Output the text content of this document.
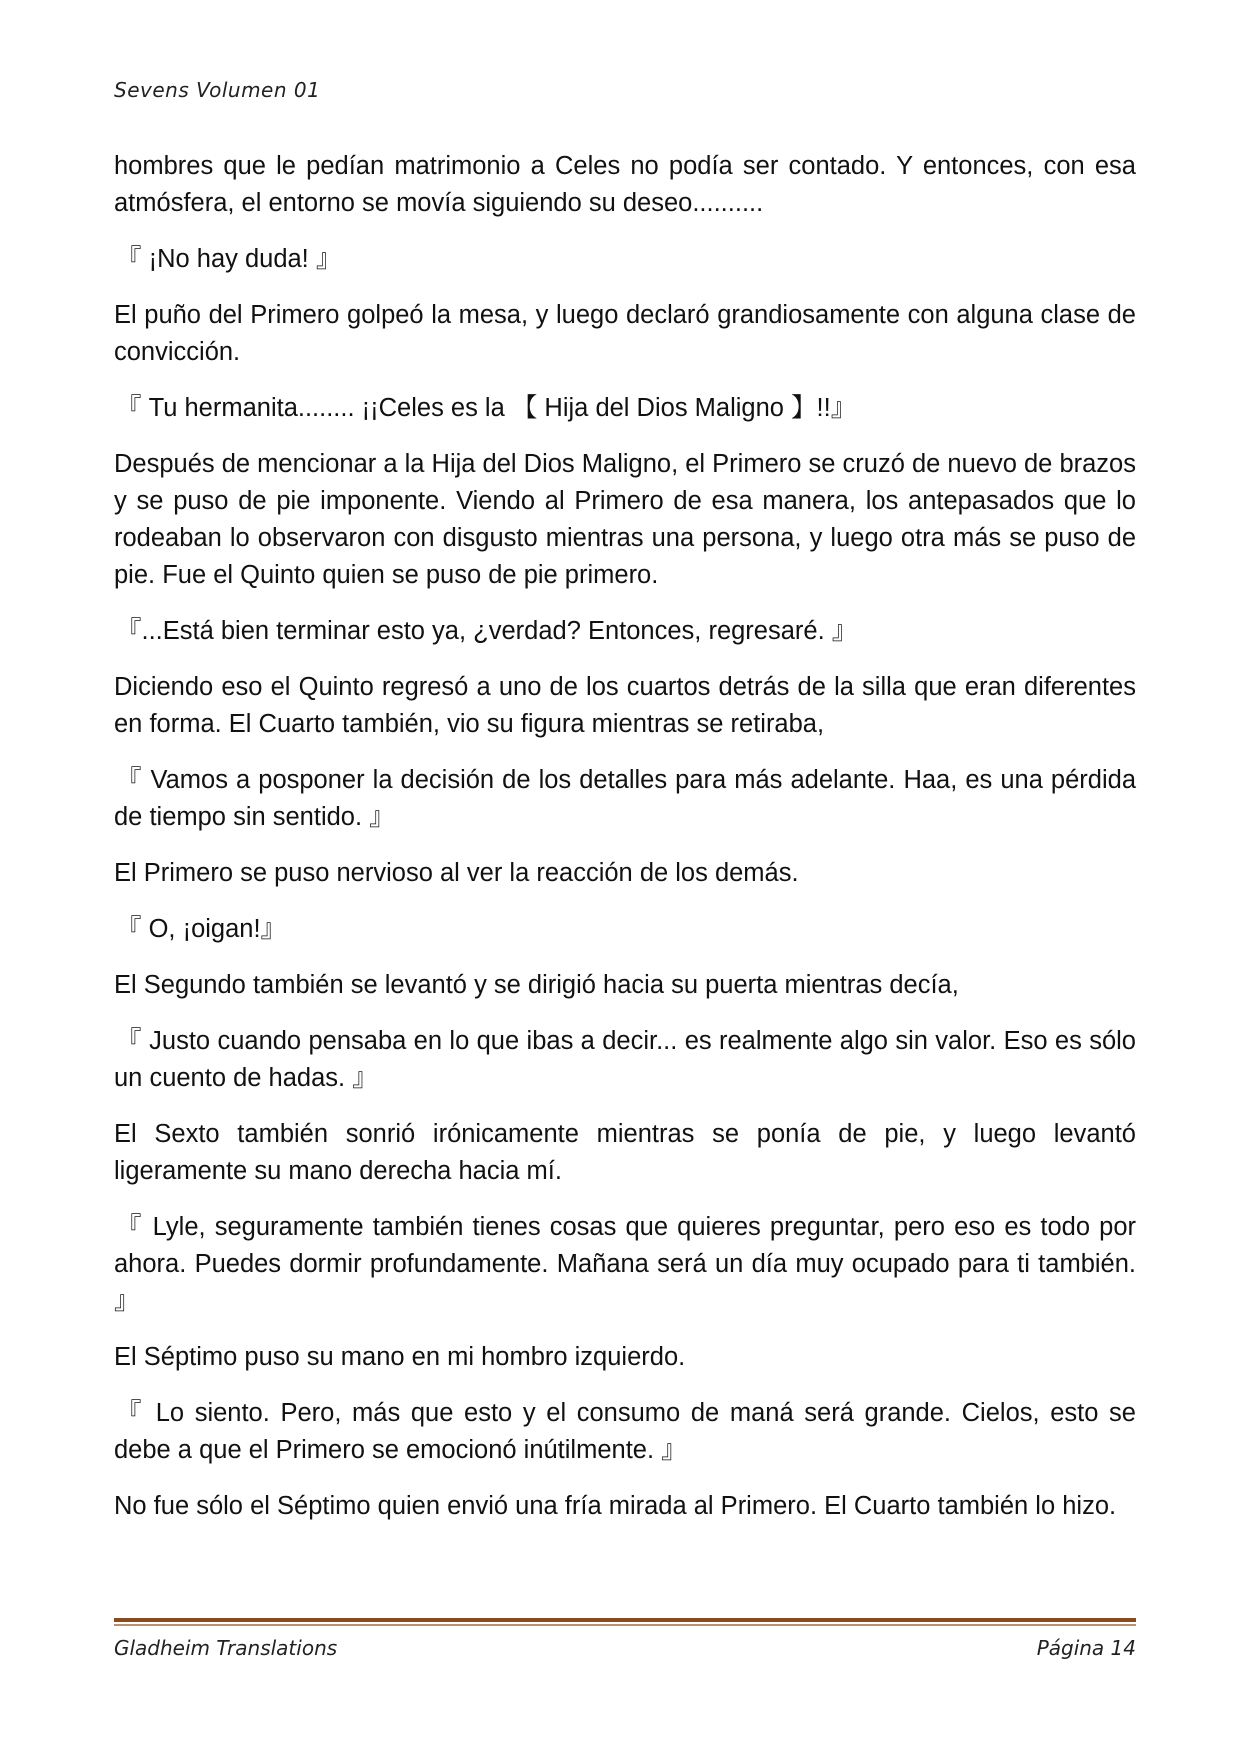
Sevens Volumen 01

hombres que le pedían matrimonio a Celes no podía ser contado. Y entonces, con esa atmósfera, el entorno se movía siguiendo su deseo..........

『 ¡No hay duda! 』

El puño del Primero golpeó la mesa, y luego declaró grandiosamente con alguna clase de convicción.

『 Tu hermanita........ ¡¡Celes es la 【 Hija del Dios Maligno 】!!』

Después de mencionar a la Hija del Dios Maligno, el Primero se cruzó de nuevo de brazos y se puso de pie imponente. Viendo al Primero de esa manera, los antepasados que lo rodeaban lo observaron con disgusto mientras una persona, y luego otra más se puso de pie. Fue el Quinto quien se puso de pie primero.

『...Está bien terminar esto ya, ¿verdad? Entonces, regresaré. 』

Diciendo eso el Quinto regresó a uno de los cuartos detrás de la silla que eran diferentes en forma. El Cuarto también, vio su figura mientras se retiraba,

『 Vamos a posponer la decisión de los detalles para más adelante. Haa, es una pérdida de tiempo sin sentido. 』

El Primero se puso nervioso al ver la reacción de los demás.

『 O, ¡oigan!』

El Segundo también se levantó y se dirigió hacia su puerta mientras decía,

『 Justo cuando pensaba en lo que ibas a decir... es realmente algo sin valor. Eso es sólo un cuento de hadas. 』

El Sexto también sonrió irónicamente mientras se ponía de pie, y luego levantó ligeramente su mano derecha hacia mí.

『 Lyle, seguramente también tienes cosas que quieres preguntar, pero eso es todo por ahora. Puedes dormir profundamente. Mañana será un día muy ocupado para ti también. 』

El Séptimo puso su mano en mi hombro izquierdo.

『 Lo siento. Pero, más que esto y el consumo de maná será grande. Cielos, esto se debe a que el Primero se emocionó inútilmente. 』

No fue sólo el Séptimo quien envió una fría mirada al Primero. El Cuarto también lo hizo.

Gladheim Translations	Página 14
